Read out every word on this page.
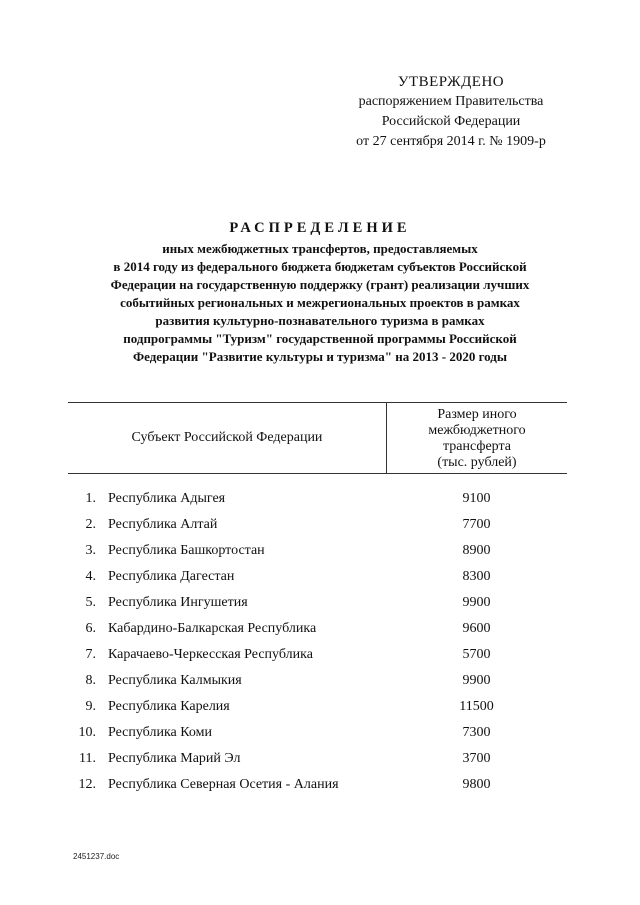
УТВЕРЖДЕНО
распоряжением Правительства
Российской Федерации
от 27 сентября 2014 г. № 1909-р
РАСПРЕДЕЛЕНИЕ
иных межбюджетных трансфертов, предоставляемых
в 2014 году из федерального бюджета бюджетам субъектов Российской
Федерации на государственную поддержку (грант) реализации лучших
событийных региональных и межрегиональных проектов в рамках
развития культурно-познавательного туризма в рамках
подпрограммы "Туризм" государственной программы Российской
Федерации "Развитие культуры и туризма" на 2013 - 2020 годы
Субъект Российской Федерации
Размер иного
межбюджетного
трансферта
(тыс. рублей)
1. Республика Адыгея	9100
2. Республика Алтай	7700
3. Республика Башкортостан	8900
4. Республика Дагестан	8300
5. Республика Ингушетия	9900
6. Кабардино-Балкарская Республика	9600
7. Карачаево-Черкесская Республика	5700
8. Республика Калмыкия	9900
9. Республика Карелия	11500
10. Республика Коми	7300
11. Республика Марий Эл	3700
12. Республика Северная Осетия - Алания	9800
2451237.doc
